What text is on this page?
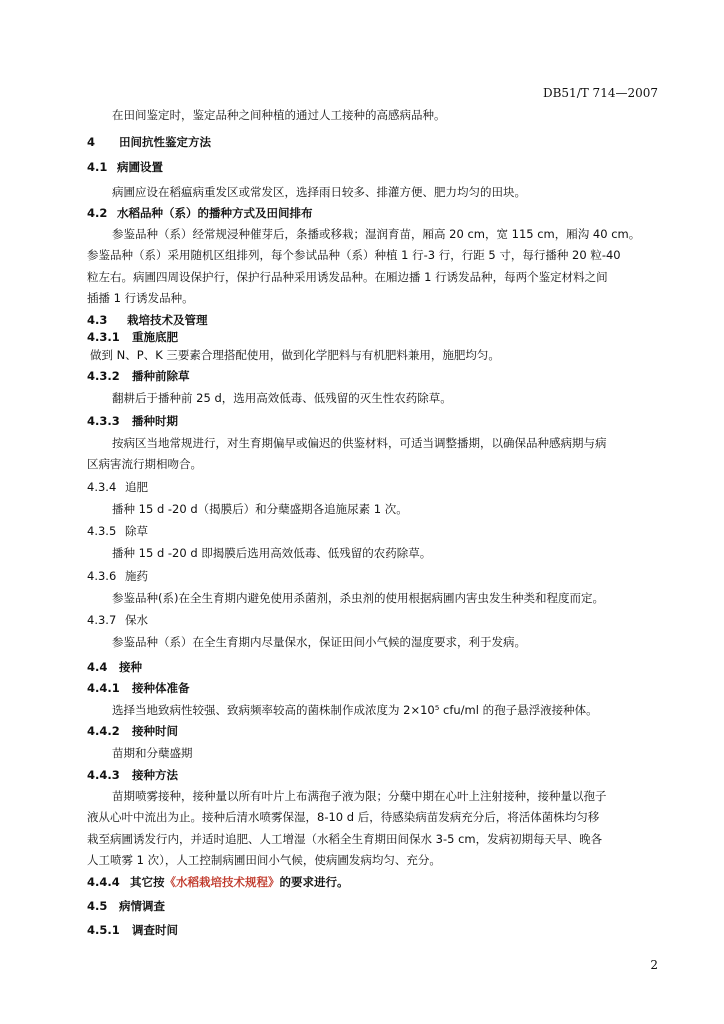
DB51/T 714—2007
在田间鉴定时，鉴定品种之间种植的通过人工接种的高感病品种。
4	田间抗性鉴定方法
4.1 病圃设置
病圃应设在稻瘟病重发区或常发区，选择雨日较多、排灌方便、肥力均匀的田块。
4.2 水稻品种（系）的播种方式及田间排布
参鉴品种（系）经常规浸种催芽后，条播或移栽；湿润育苗，厢高 20 cm，宽 115 cm，厢沟 40 cm。
参鉴品种（系）采用随机区组排列，每个参试品种（系）种植 1 行-3 行，行距 5 寸，每行播种 20 粒-40
粒左右。病圃四周设保护行，保护行品种采用诱发品种。在厢边播 1 行诱发品种，每两个鉴定材料之间
插播 1 行诱发品种。
4.3	栽培技术及管理
4.3.1	重施底肥
做到 N、P、K 三要素合理搭配使用，做到化学肥料与有机肥料兼用，施肥均匀。
4.3.2	播种前除草
翻耕后于播种前 25 d，选用高效低毒、低残留的灭生性农药除草。
4.3.3	播种时期
按病区当地常规进行，对生育期偏早或偏迟的供鉴材料，可适当调整播期，以确保品种感病期与病
区病害流行期相吻合。
4.3.4 追肥
播种 15 d -20 d（揭膜后）和分蘖盛期各追施尿素 1 次。
4.3.5 除草
播种 15 d -20 d 即揭膜后选用高效低毒、低残留的农药除草。
4.3.6 施药
参鉴品种(系)在全生育期内避免使用杀菌剂，杀虫剂的使用根据病圃内害虫发生种类和程度而定。
4.3.7 保水
参鉴品种（系）在全生育期内尽量保水，保证田间小气候的湿度要求，利于发病。
4.4	接种
4.4.1	接种体准备
选择当地致病性较强、致病频率较高的菌株制作成浓度为 2×10⁵ cfu/ml 的孢子悬浮液接种体。
4.4.2	接种时间
苗期和分蘖盛期
4.4.3	接种方法
苗期喷雾接种，接种量以所有叶片上布满孢子液为限；分蘖中期在心叶上注射接种，接种量以孢子
液从心叶中流出为止。接种后清水喷雾保湿，8-10 d 后，待感染病苗发病充分后，将活体菌株均匀移
栽至病圃诱发行内，并适时追肥、人工增湿（水稻全生育期田间保水 3-5 cm，发病初期每天早、晚各
人工喷雾 1 次），人工控制病圃田间小气候，使病圃发病均匀、充分。
4.4.4 其它按 《水稻栽培技术规程》 的要求进行。
4.5	病情调查
4.5.1	调查时间
2
